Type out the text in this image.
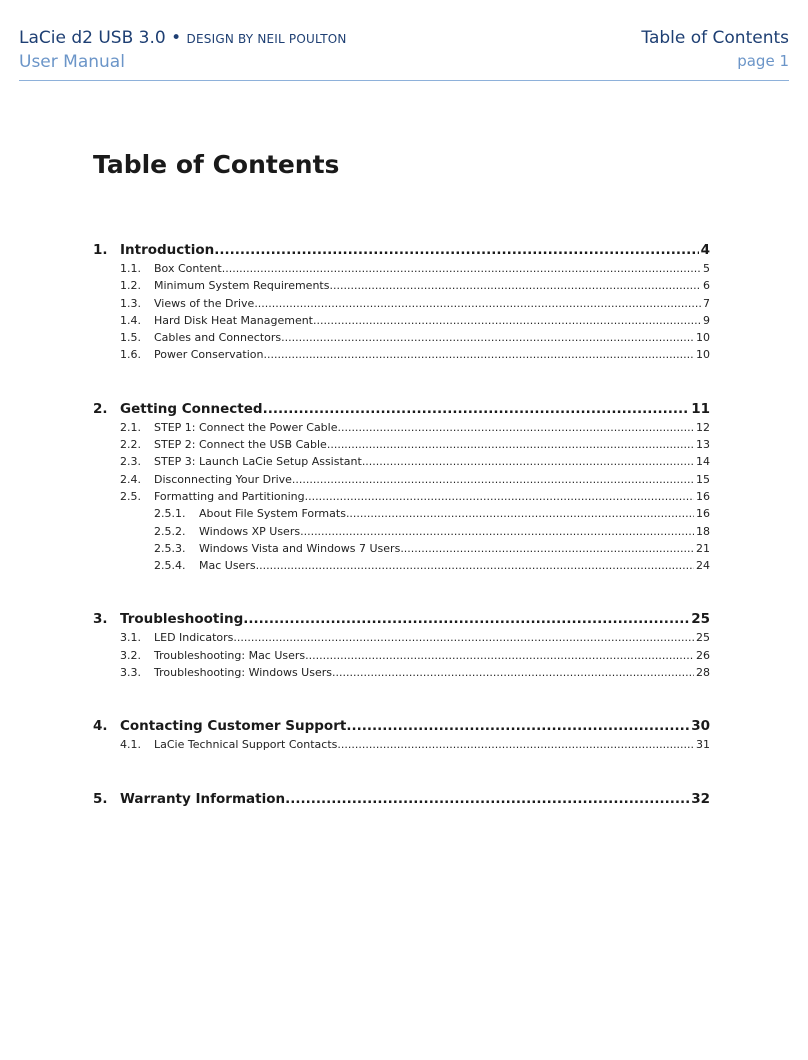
LaCie d2 USB 3.0 • DESIGN BY NEIL POULTON
User Manual
Table of Contents
page 1
Table of Contents
1. Introduction .....	4
1.1.	Box Content .....	5
1.2.	Minimum System Requirements .....	6
1.3.	Views of the Drive .....	7
1.4.	Hard Disk Heat Management .....	9
1.5.	Cables and Connectors .....	10
1.6.	Power Conservation .....	10
2. Getting Connected .....	11
2.1.	STEP 1: Connect the Power Cable .....	12
2.2.	STEP 2: Connect the USB Cable .....	13
2.3.	STEP 3: Launch LaCie Setup Assistant .....	14
2.4.	Disconnecting Your Drive .....	15
2.5.	Formatting and Partitioning .....	16
2.5.1.	About File System Formats .....	16
2.5.2.	Windows XP Users .....	18
2.5.3.	Windows Vista and Windows 7 Users .....	21
2.5.4.	Mac Users .....	24
3. Troubleshooting .....	25
3.1.	LED Indicators .....	25
3.2.	Troubleshooting: Mac Users .....	26
3.3.	Troubleshooting: Windows Users .....	28
4. Contacting Customer Support .....	30
4.1.	LaCie Technical Support Contacts .....	31
5. Warranty Information .....	32
